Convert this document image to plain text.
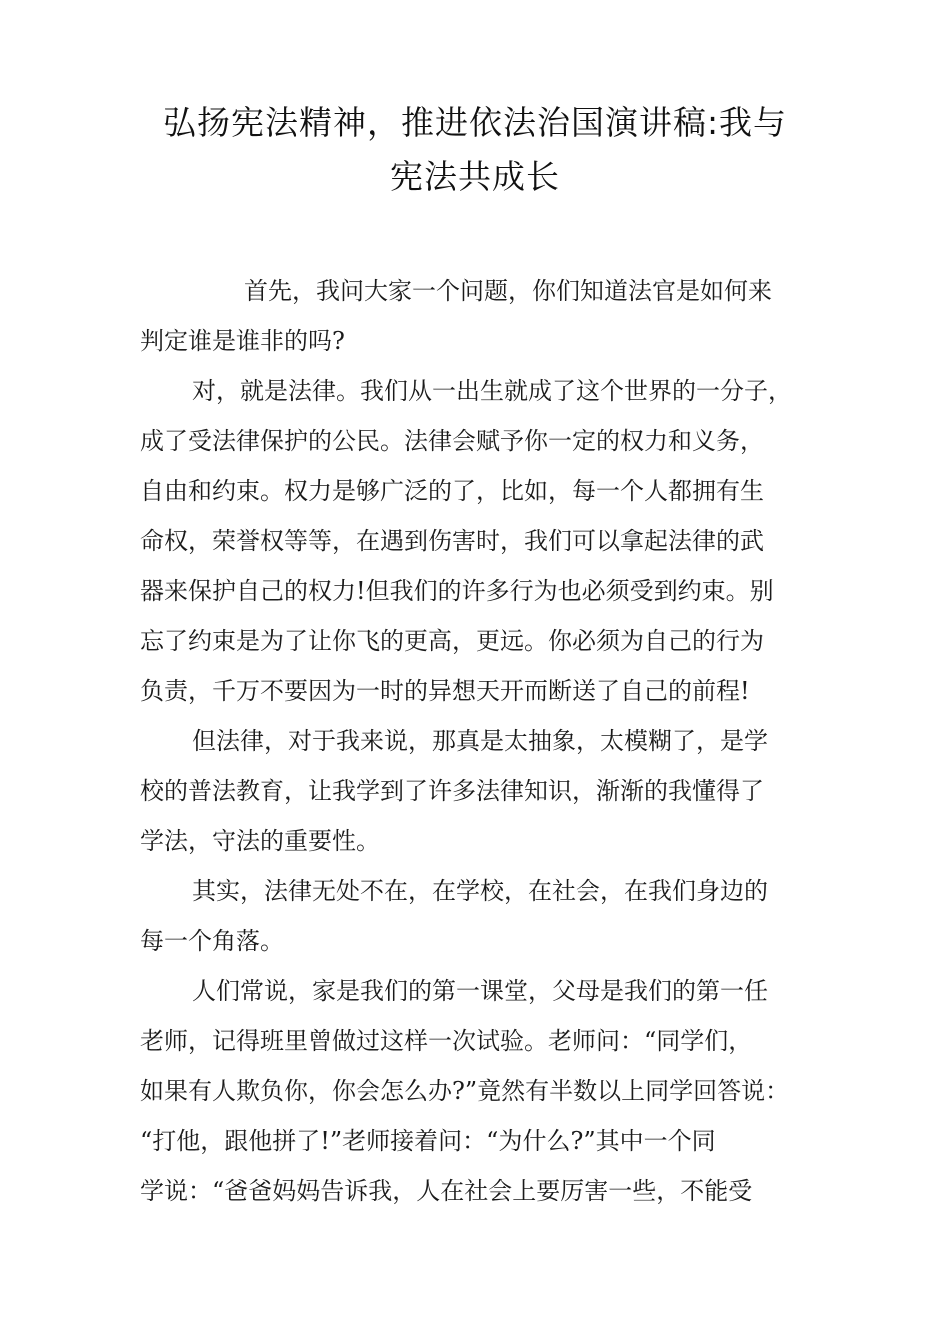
弘扬宪法精神，推进依法治国演讲稿:我与
宪法共成长
首先，我问大家一个问题，你们知道法官是如何来
判定谁是谁非的吗?
对，就是法律。我们从一出生就成了这个世界的一分子，
成了受法律保护的公民。法律会赋予你一定的权力和义务，
自由和约束。权力是够广泛的了，比如，每一个人都拥有生
命权，荣誉权等等，在遇到伤害时，我们可以拿起法律的武
器来保护自己的权力!但我们的许多行为也必须受到约束。别
忘了约束是为了让你飞的更高，更远。你必须为自己的行为
负责，千万不要因为一时的异想天开而断送了自己的前程!
但法律，对于我来说，那真是太抽象，太模糊了，是学
校的普法教育，让我学到了许多法律知识，渐渐的我懂得了
学法，守法的重要性。
其实，法律无处不在，在学校，在社会，在我们身边的
每一个角落。
人们常说，家是我们的第一课堂，父母是我们的第一任
老师，记得班里曾做过这样一次试验。老师问：“同学们，
如果有人欺负你，你会怎么办?”竟然有半数以上同学回答说：
“打他，跟他拼了!”老师接着问：“为什么?”其中一个同
学说：“爸爸妈妈告诉我，人在社会上要厉害一些，不能受
